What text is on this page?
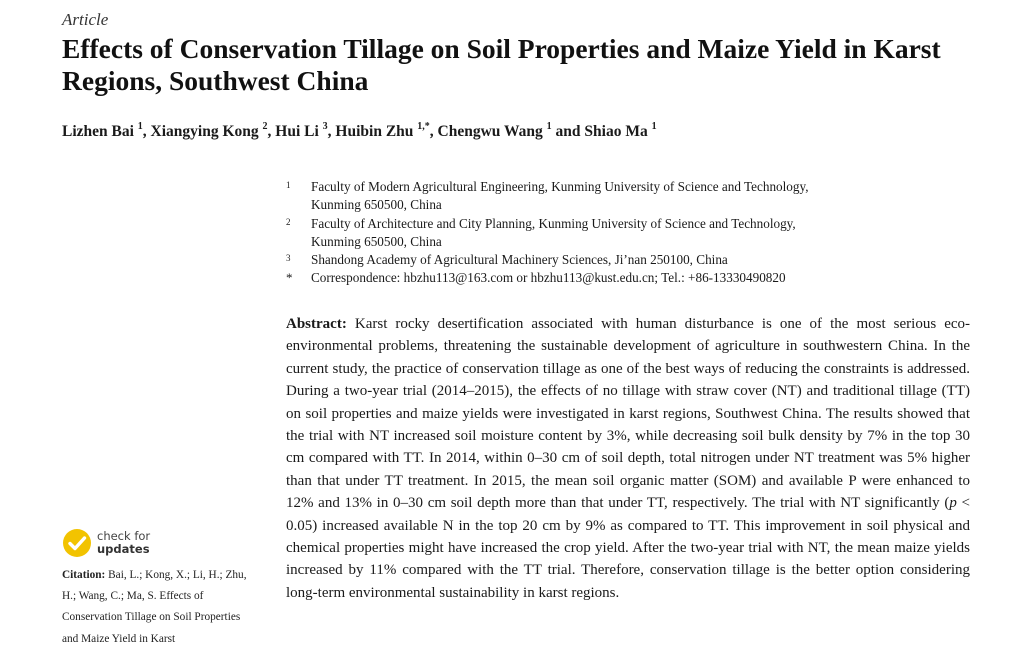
Article
Effects of Conservation Tillage on Soil Properties and Maize Yield in Karst Regions, Southwest China
Lizhen Bai $^1$, Xiangying Kong $^2$, Hui Li $^3$, Huibin Zhu $^{1,*}$, Chengwu Wang $^1$ and Shiao Ma $^1$
1 Faculty of Modern Agricultural Engineering, Kunming University of Science and Technology,
Kunming 650500, China
2 Faculty of Architecture and City Planning, Kunming University of Science and Technology,
Kunming 650500, China
3 Shandong Academy of Agricultural Machinery Sciences, Ji’nan 250100, China
* Correspondence: hbzhu113@163.com or hbzhu113@kust.edu.cn; Tel.: +86-13330490820

Abstract: Karst rocky desertification associated with human disturbance is one of the most serious eco-environmental problems, threatening the sustainable development of agriculture in southwestern China. In the current study, the practice of conservation tillage as one of the best ways of reducing the constraints is addressed. During a two-year trial (2014–2015), the effects of no tillage with straw cover (NT) and traditional tillage (TT) on soil properties and maize yields were investigated in karst regions, Southwest China. The results showed that the trial with NT increased soil moisture content by 3%, while decreasing soil bulk density by 7% in the top 30 cm compared with TT. In 2014, within 0–30 cm of soil depth, total nitrogen under NT treatment was 5% higher than that under TT treatment. In 2015, the mean soil organic matter (SOM) and available P were enhanced to 12% and 13% in 0–30 cm soil depth more than that under TT, respectively. The trial with NT significantly (p < 0.05) increased available N in the top 20 cm by 9% as compared to TT. This improvement in soil physical and chemical properties might have increased the crop yield. After the two-year trial with NT, the mean maize yields increased by 11% compared with the TT trial. Therefore, conservation tillage is the better option considering long-term environmental sustainability in karst regions.

check for
updates
Citation: Bai, L.; Kong, X.; Li, H.; Zhu, H.; Wang, C.; Ma, S. Effects of Conservation Tillage on Soil Properties and Maize Yield in Karst
